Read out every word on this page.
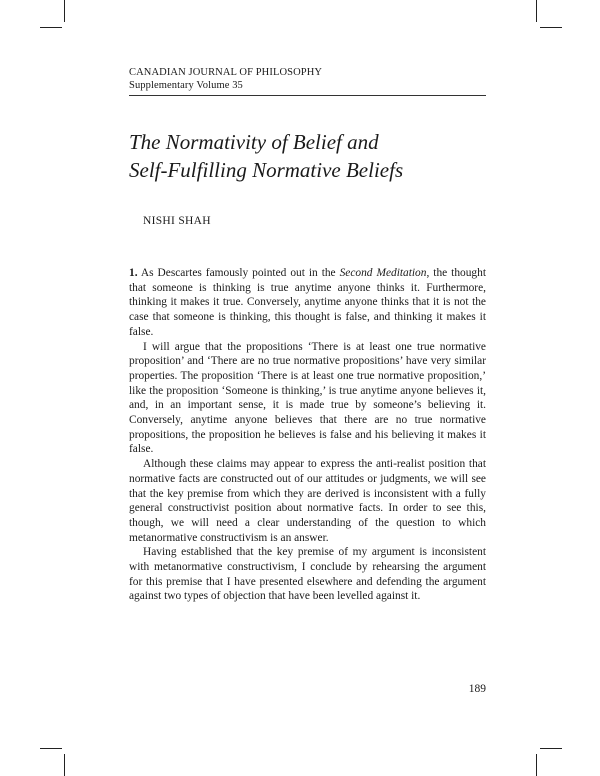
CANADIAN JOURNAL OF PHILOSOPHY
Supplementary Volume 35
The Normativity of Belief and
Self-Fulfilling Normative Beliefs
NISHI SHAH

1. As Descartes famously pointed out in the Second Meditation, the thought that someone is thinking is true anytime anyone thinks it. Furthermore, thinking it makes it true. Conversely, anytime anyone thinks that it is not the case that someone is thinking, this thought is false, and thinking it makes it false.

I will argue that the propositions ‘There is at least one true normative proposition’ and ‘There are no true normative propositions’ have very similar properties. The proposition ‘There is at least one true normative proposition,’ like the proposition ‘Someone is thinking,’ is true anytime anyone believes it, and, in an important sense, it is made true by someone’s believing it. Conversely, anytime anyone believes that there are no true normative propositions, the proposition he believes is false and his believing it makes it false.

Although these claims may appear to express the anti-realist position that normative facts are constructed out of our attitudes or judgments, we will see that the key premise from which they are derived is inconsistent with a fully general constructivist position about normative facts. In order to see this, though, we will need a clear understanding of the question to which metanormative constructivism is an answer.

Having established that the key premise of my argument is inconsistent with metanormative constructivism, I conclude by rehearsing the argument for this premise that I have presented elsewhere and defending the argument against two types of objection that have been levelled against it.

189
